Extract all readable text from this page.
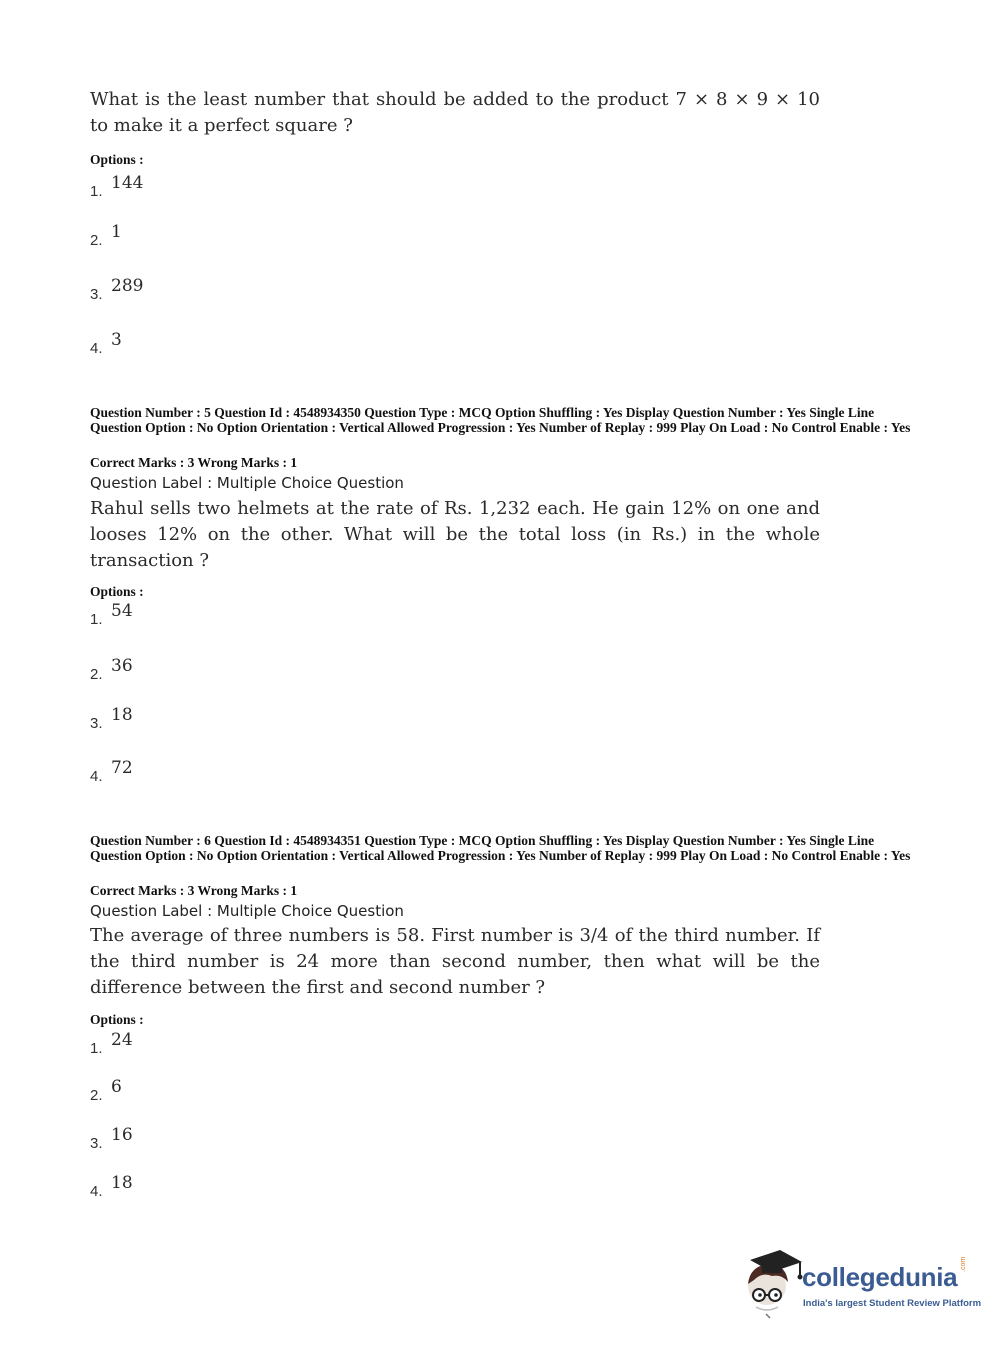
What is the least number that should be added to the product 7 × 8 × 9 × 10 to make it a perfect square ?

Options :

1. 144
2. 1
3. 289
4. 3

Question Number : 5 Question Id : 4548934350 Question Type : MCQ Option Shuffling : Yes Display Question Number : Yes Single Line Question Option : No Option Orientation : Vertical Allowed Progression : Yes Number of Replay : 999 Play On Load : No Control Enable : Yes

Correct Marks : 3 Wrong Marks : 1

Question Label : Multiple Choice Question

Rahul sells two helmets at the rate of Rs. 1,232 each. He gain 12% on one and looses 12% on the other. What will be the total loss (in Rs.) in the whole transaction ?

Options :

1. 54
2. 36
3. 18
4. 72

Question Number : 6 Question Id : 4548934351 Question Type : MCQ Option Shuffling : Yes Display Question Number : Yes Single Line Question Option : No Option Orientation : Vertical Allowed Progression : Yes Number of Replay : 999 Play On Load : No Control Enable : Yes

Correct Marks : 3 Wrong Marks : 1

Question Label : Multiple Choice Question

The average of three numbers is 58. First number is 3/4 of the third number. If the third number is 24 more than second number, then what will be the difference between the first and second number ?

Options :

1. 24
2. 6
3. 16
4. 18
collegedunia .com
India's largest Student Review Platform
